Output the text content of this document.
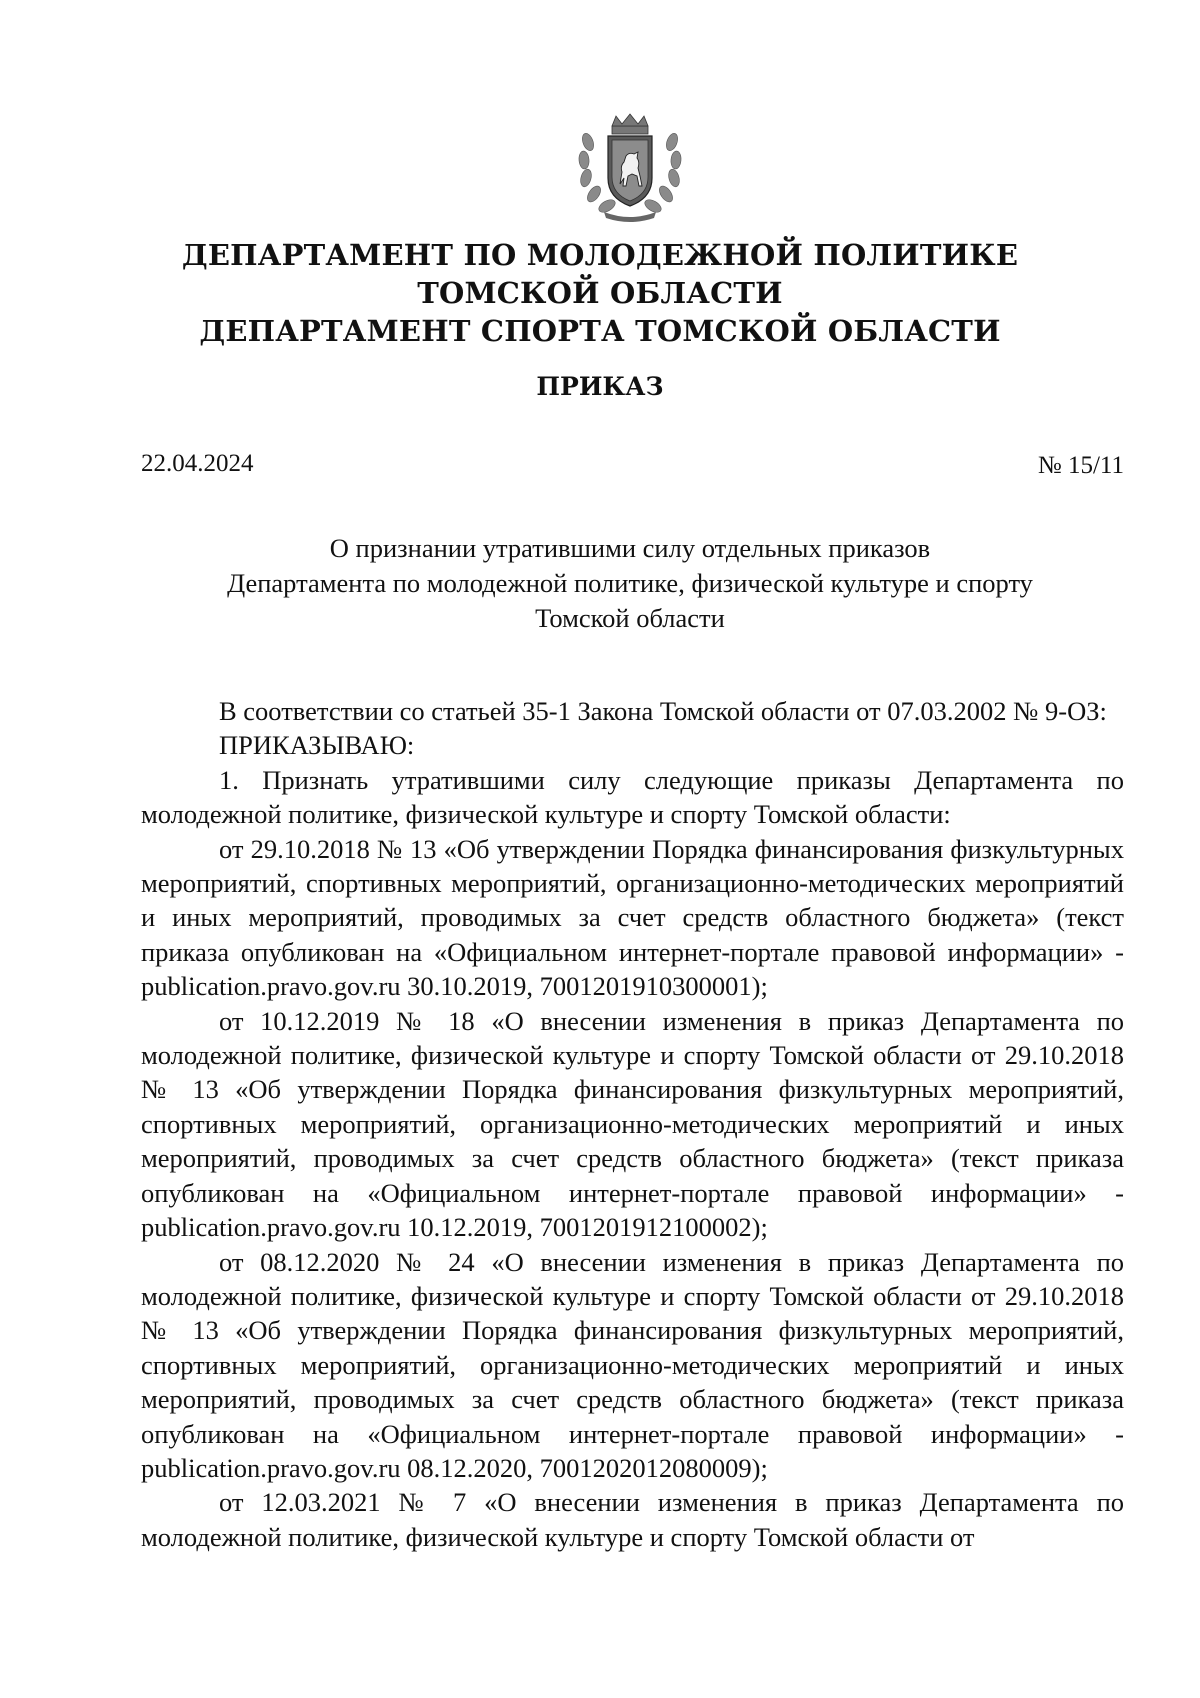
ДЕПАРТАМЕНТ ПО МОЛОДЕЖНОЙ ПОЛИТИКЕ
ТОМСКОЙ ОБЛАСТИ
ДЕПАРТАМЕНТ СПОРТА ТОМСКОЙ ОБЛАСТИ
ПРИКАЗ
22.04.2024	№ 15/11
О признании утратившими силу отдельных приказов
Департамента по молодежной политике, физической культуре и спорту
Томской области

В соответствии со статьей 35-1 Закона Томской области от 07.03.2002 № 9-ОЗ:

ПРИКАЗЫВАЮ:

1. Признать утратившими силу следующие приказы Департамента по молодежной политике, физической культуре и спорту Томской области:

от 29.10.2018 № 13 «Об утверждении Порядка финансирования физкультурных мероприятий, спортивных мероприятий, организационно-методических мероприятий и иных мероприятий, проводимых за счет средств областного бюджета» (текст приказа опубликован на «Официальном интернет-портале правовой информации» - publication.pravo.gov.ru 30.10.2019, 7001201910300001);

от 10.12.2019 № 18 «О внесении изменения в приказ Департамента по молодежной политике, физической культуре и спорту Томской области от 29.10.2018 № 13 «Об утверждении Порядка финансирования физкультурных мероприятий, спортивных мероприятий, организационно-методических мероприятий и иных мероприятий, проводимых за счет средств областного бюджета» (текст приказа опубликован на «Официальном интернет-портале правовой информации» - publication.pravo.gov.ru 10.12.2019, 7001201912100002);

от 08.12.2020 № 24 «О внесении изменения в приказ Департамента по молодежной политике, физической культуре и спорту Томской области от 29.10.2018 № 13 «Об утверждении Порядка финансирования физкультурных мероприятий, спортивных мероприятий, организационно-методических мероприятий и иных мероприятий, проводимых за счет средств областного бюджета» (текст приказа опубликован на «Официальном интернет-портале правовой информации» - publication.pravo.gov.ru 08.12.2020, 7001202012080009);

от 12.03.2021 № 7 «О внесении изменения в приказ Департамента по молодежной политике, физической культуре и спорту Томской области от
